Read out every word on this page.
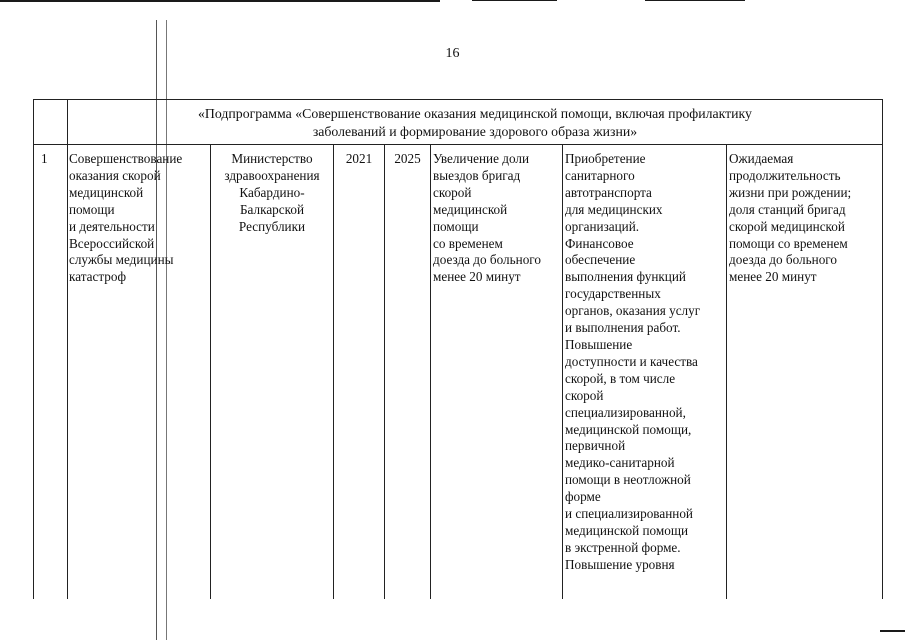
16
«Подпрограмма «Совершенствование оказания медицинской помощи, включая профилактику
заболеваний и формирование здорового образа жизни»
1	Совершенствование
оказания скорой
медицинской
помощи
и деятельности
Всероссийской
службы медицины
катастроф
Министерство
здравоохранения
Кабардино-
Балкарской
Республики
2021	2025 Увеличение доли
выездов бригад
скорой
медицинской
помощи
со временем
доезда до больного
менее 20 минут
Приобретение
санитарного
автотранспорта
для медицинских
организаций.
Финансовое
обеспечение
выполнения функций
государственных
органов, оказания услуг
и выполнения работ.
Повышение
доступности и качества
скорой, в том числе
скорой
специализированной,
медицинской помощи,
первичной
медико-санитарной
помощи в неотложной
форме
и специализированной
медицинской помощи
в экстренной форме.
Повышение уровня
Ожидаемая
продолжительность
жизни при рождении;
доля станций бригад
скорой медицинской
помощи со временем
доезда до больного
менее 20 минут
